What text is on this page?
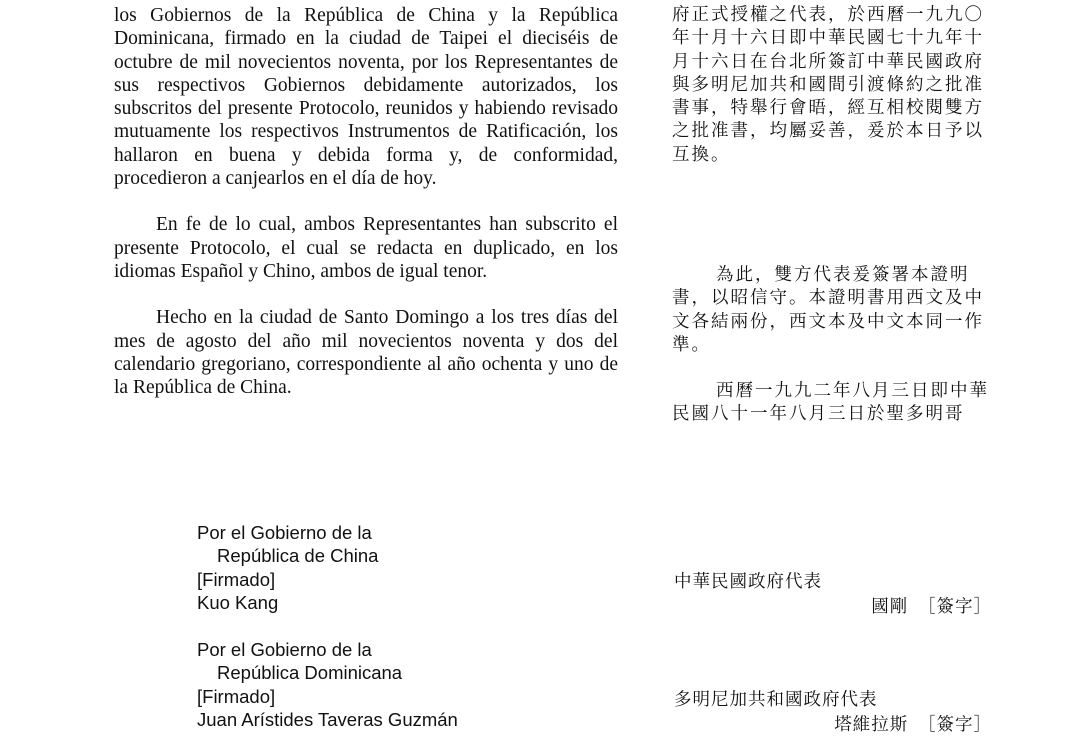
los Gobiernos de la República de China y la República Dominicana, firmado en la ciudad de Taipei el dieciséis de octubre de mil novecientos noventa, por los Representantes de sus respectivos Gobiernos debidamente autorizados, los subscritos del presente Protocolo, reunidos y habiendo revisado mutuamente los respectivos Instrumentos de Ratificación, los hallaron en buena y debida forma y, de conformidad, procedieron a canjearlos en el día de hoy.

En fe de lo cual, ambos Representantes han subscrito el presente Protocolo, el cual se redacta en duplicado, en los idiomas Español y Chino, ambos de igual tenor.

Hecho en la ciudad de Santo Domingo a los tres días del mes de agosto del año mil novecientos noventa y dos del calendario gregoriano, correspondiente al año ochenta y uno de la República de China.

Por el Gobierno de la
República de China
[Firmado]
Kuo Kang
Por el Gobierno de la
República Dominicana
[Firmado]
Juan Arístides Taveras Guzmán

府正式授權之代表，於西曆一九九〇年十月十六日即中華民國七十九年十月十六日在台北所簽訂中華民國政府與多明尼加共和國間引渡條約之批准書事，特舉行會晤，經互相校閱雙方之批准書，均屬妥善，爰於本日予以互換。

為此，雙方代表爰簽署本證明書，以昭信守。本證明書用西文及中文各結兩份，西文本及中文本同一作準。

西曆一九九二年八月三日即中華民國八十一年八月三日於聖多明哥

中華民國政府代表
國剛　［簽字］
多明尼加共和國政府代表
塔維拉斯　［簽字］
